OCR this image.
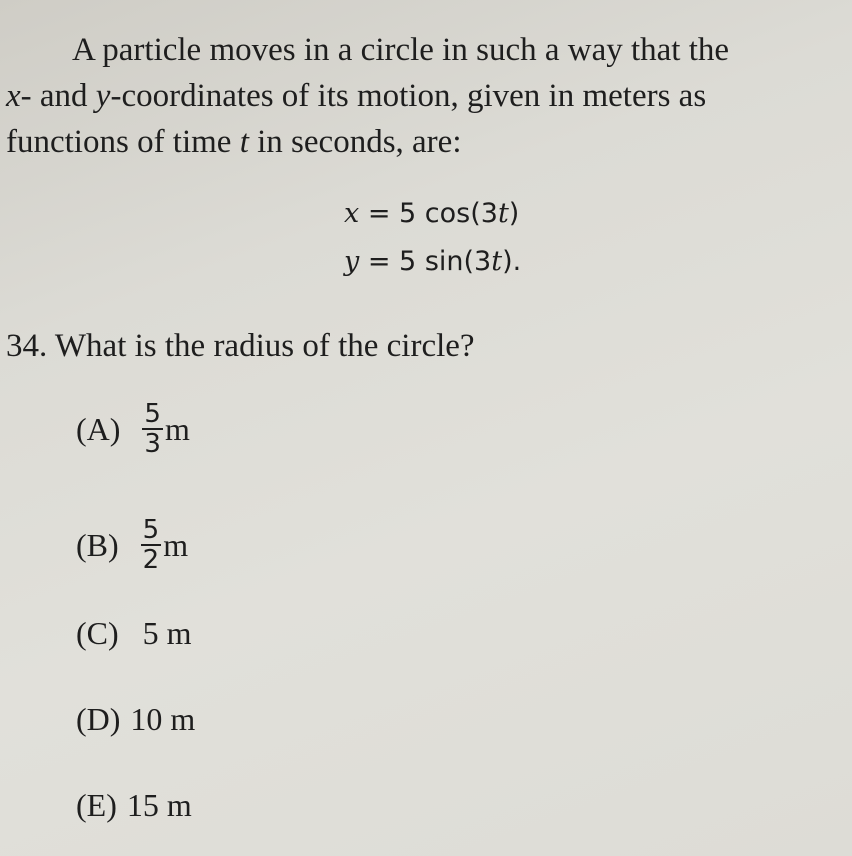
A particle moves in a circle in such a way that the
x- and y-coordinates of its motion, given in meters as
functions of time t in seconds, are:
x = 5 cos(3t)
y = 5 sin(3t).
34. What is the radius of the circle?
$(A) \frac{5}{3}$ m
$(B) \frac{5}{2}$ m
(C) 5 m
(D) 10 m
(E) 15 m
